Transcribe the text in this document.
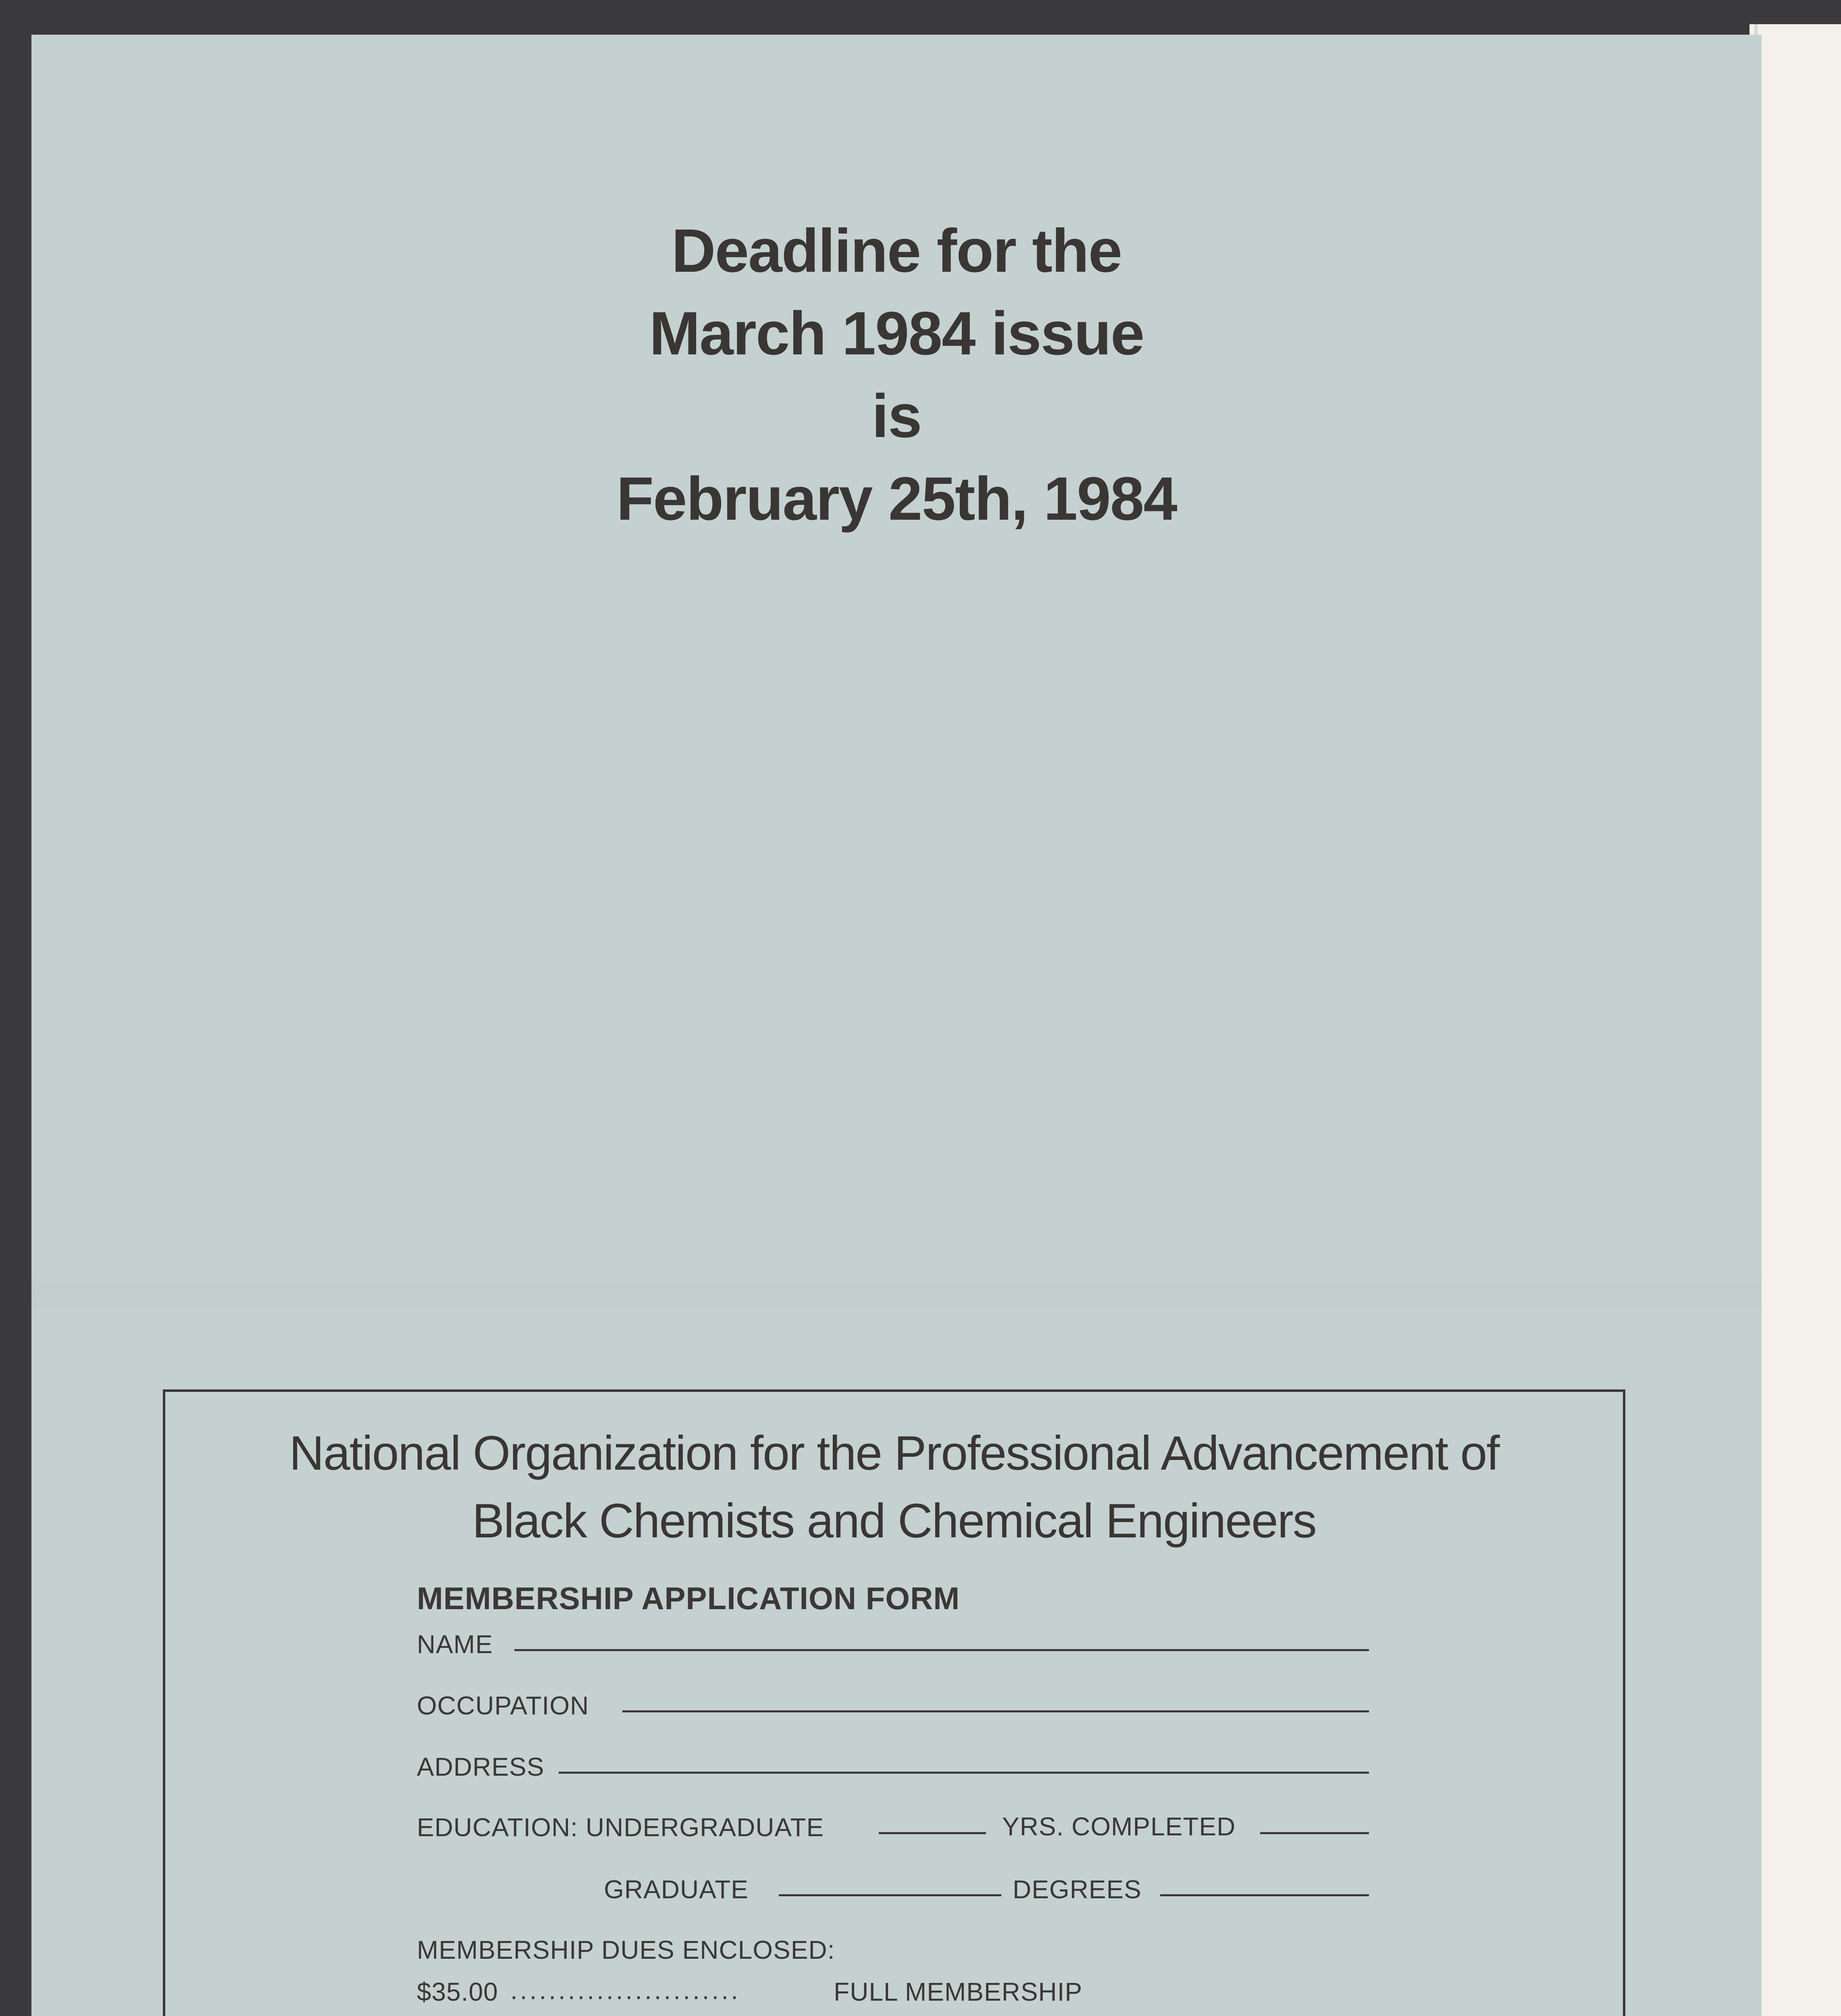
Deadline for the
March 1984 issue
is
February 25th, 1984
National Organization for the Professional Advancement of
Black Chemists and Chemical Engineers
MEMBERSHIP APPLICATION FORM
NAME
OCCUPATION
ADDRESS
EDUCATION: UNDERGRADUATE	YRS. COMPLETED
GRADUATE	DEGREES
MEMBERSHIP DUES ENCLOSED:
$35.00 ........................	FULL MEMBERSHIP
